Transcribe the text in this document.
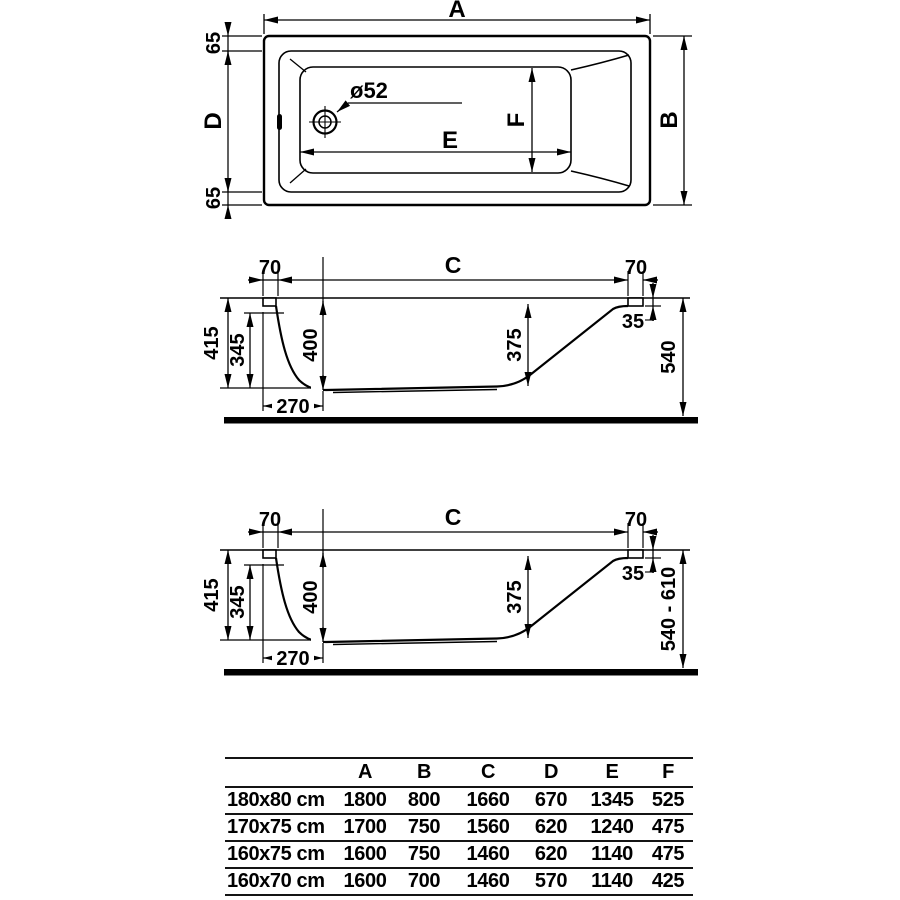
ø52
A
B
65
D
65
E
F
70	C	70
415 345	400	375
270
35
540
540 - 610
	A	B	C	D	E	F
180x80 cm	1800	800	1660	670	1345	525
170x75 cm	1700	750	1560	620	1240	475
160x75 cm	1600	750	1460	620	1140	475
160x70 cm	1600	700	1460	570	1140	425
